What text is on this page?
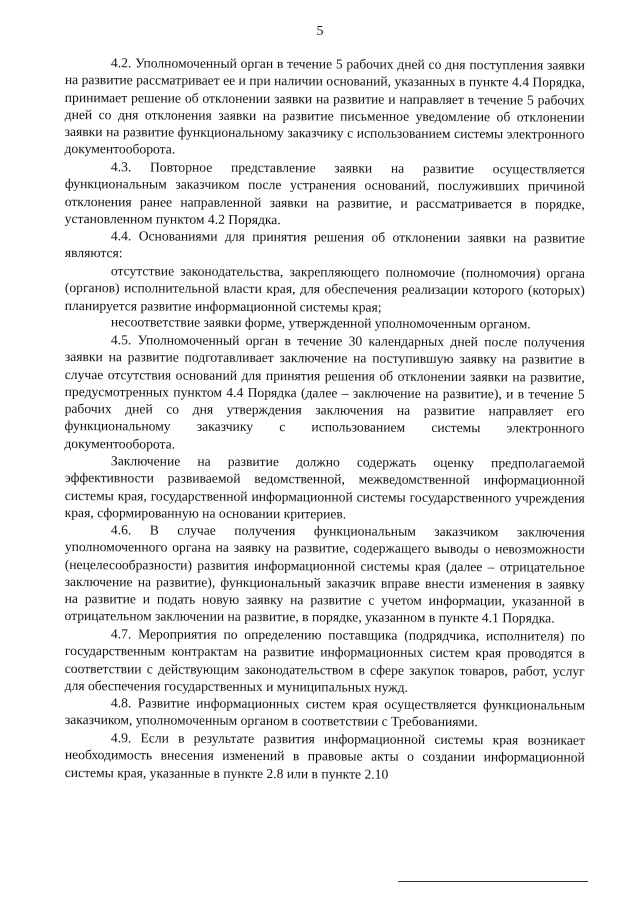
5

4.2. Уполномоченный орган в течение 5 рабочих дней со дня поступления заявки на развитие рассматривает ее и при наличии оснований, указанных в пункте 4.4 Порядка, принимает решение об отклонении заявки на развитие и направляет в течение 5 рабочих дней со дня отклонения заявки на развитие письменное уведомление об отклонении заявки на развитие функциональному заказчику с использованием системы электронного документооборота.

4.3. Повторное представление заявки на развитие осуществляется функциональным заказчиком после устранения оснований, послуживших причиной отклонения ранее направленной заявки на развитие, и рассматривается в порядке, установленном пунктом 4.2 Порядка.

4.4. Основаниями для принятия решения об отклонении заявки на развитие являются:

отсутствие законодательства, закрепляющего полномочие (полномочия) органа (органов) исполнительной власти края, для обеспечения реализации которого (которых) планируется развитие информационной системы края;

несоответствие заявки форме, утвержденной уполномоченным органом.

4.5. Уполномоченный орган в течение 30 календарных дней после получения заявки на развитие подготавливает заключение на поступившую заявку на развитие в случае отсутствия оснований для принятия решения об отклонении заявки на развитие, предусмотренных пунктом 4.4 Порядка (далее – заключение на развитие), и в течение 5 рабочих дней со дня утверждения заключения на развитие направляет его функциональному заказчику с использованием системы электронного документооборота.

Заключение на развитие должно содержать оценку предполагаемой эффективности развиваемой ведомственной, межведомственной информационной системы края, государственной информационной системы государственного учреждения края, сформированную на основании критериев.

4.6. В случае получения функциональным заказчиком заключения уполномоченного органа на заявку на развитие, содержащего выводы о невозможности (нецелесообразности) развития информационной системы края (далее – отрицательное заключение на развитие), функциональный заказчик вправе внести изменения в заявку на развитие и подать новую заявку на развитие с учетом информации, указанной в отрицательном заключении на развитие, в порядке, указанном в пункте 4.1 Порядка.

4.7. Мероприятия по определению поставщика (подрядчика, исполнителя) по государственным контрактам на развитие информационных систем края проводятся в соответствии с действующим законодательством в сфере закупок товаров, работ, услуг для обеспечения государственных и муниципальных нужд.

4.8. Развитие информационных систем края осуществляется функциональным заказчиком, уполномоченным органом в соответствии с Требованиями.

4.9. Если в результате развития информационной системы края возникает необходимость внесения изменений в правовые акты о создании информационной системы края, указанные в пункте 2.8 или в пункте 2.10
